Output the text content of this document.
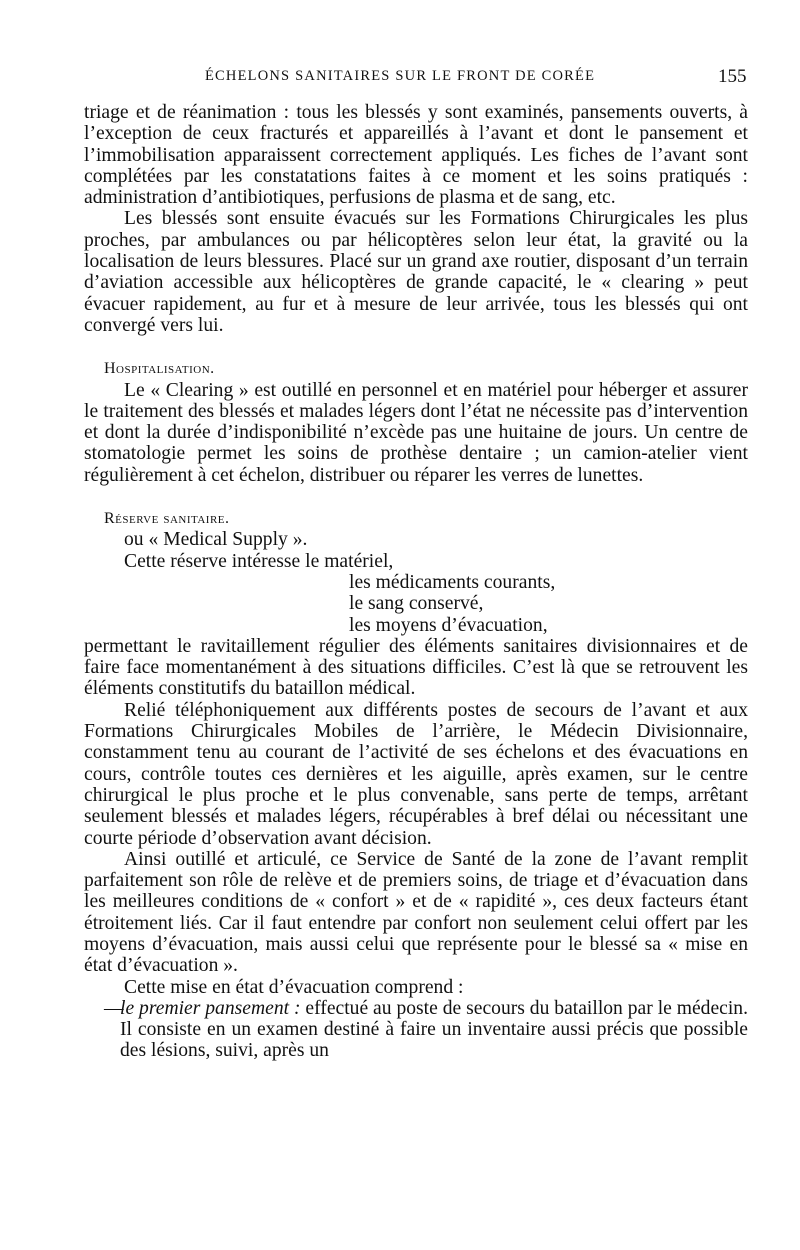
ÉCHELONS SANITAIRES SUR LE FRONT DE CORÉE	155

triage et de réanimation : tous les blessés y sont examinés, pansements ouverts, à l’exception de ceux fracturés et appareillés à l’avant et dont le pansement et l’immobilisation apparaissent correctement appliqués. Les fiches de l’avant sont complétées par les constatations faites à ce moment et les soins pratiqués : administration d’antibiotiques, perfusions de plasma et de sang, etc.

Les blessés sont ensuite évacués sur les Formations Chirurgicales les plus proches, par ambulances ou par hélicoptères selon leur état, la gravité ou la localisation de leurs blessures. Placé sur un grand axe routier, disposant d’un terrain d’aviation accessible aux hélicoptères de grande capacité, le « clearing » peut évacuer rapidement, au fur et à mesure de leur arrivée, tous les blessés qui ont convergé vers lui.

Hospitalisation.

Le « Clearing » est outillé en personnel et en matériel pour héberger et assurer le traitement des blessés et malades légers dont l’état ne nécessite pas d’intervention et dont la durée d’indisponibilité n’excède pas une huitaine de jours. Un centre de stomatologie permet les soins de prothèse dentaire ; un camion-atelier vient régulièrement à cet échelon, distribuer ou réparer les verres de lunettes.

Réserve sanitaire.
ou « Medical Supply ».
Cette réserve intéresse le matériel,
les médicaments courants,
le sang conservé,
les moyens d’évacuation,

permettant le ravitaillement régulier des éléments sanitaires divisionnaires et de faire face momentanément à des situations difficiles. C’est là que se retrouvent les éléments constitutifs du bataillon médical.

Relié téléphoniquement aux différents postes de secours de l’avant et aux Formations Chirurgicales Mobiles de l’arrière, le Médecin Divisionnaire, constamment tenu au courant de l’activité de ses échelons et des évacuations en cours, contrôle toutes ces dernières et les aiguille, après examen, sur le centre chirurgical le plus proche et le plus convenable, sans perte de temps, arrêtant seulement blessés et malades légers, récupérables à bref délai ou nécessitant une courte période d’observation avant décision.

Ainsi outillé et articulé, ce Service de Santé de la zone de l’avant remplit parfaitement son rôle de relève et de premiers soins, de triage et d’évacuation dans les meilleures conditions de « confort » et de « rapidité », ces deux facteurs étant étroitement liés. Car il faut entendre par confort non seulement celui offert par les moyens d’évacuation, mais aussi celui que représente pour le blessé sa « mise en état d’évacuation ».

Cette mise en état d’évacuation comprend :

—
le premier pansement : effectué au poste de secours du bataillon par le médecin. Il consiste en un examen destiné à faire un inventaire aussi précis que possible des lésions, suivi, après un
